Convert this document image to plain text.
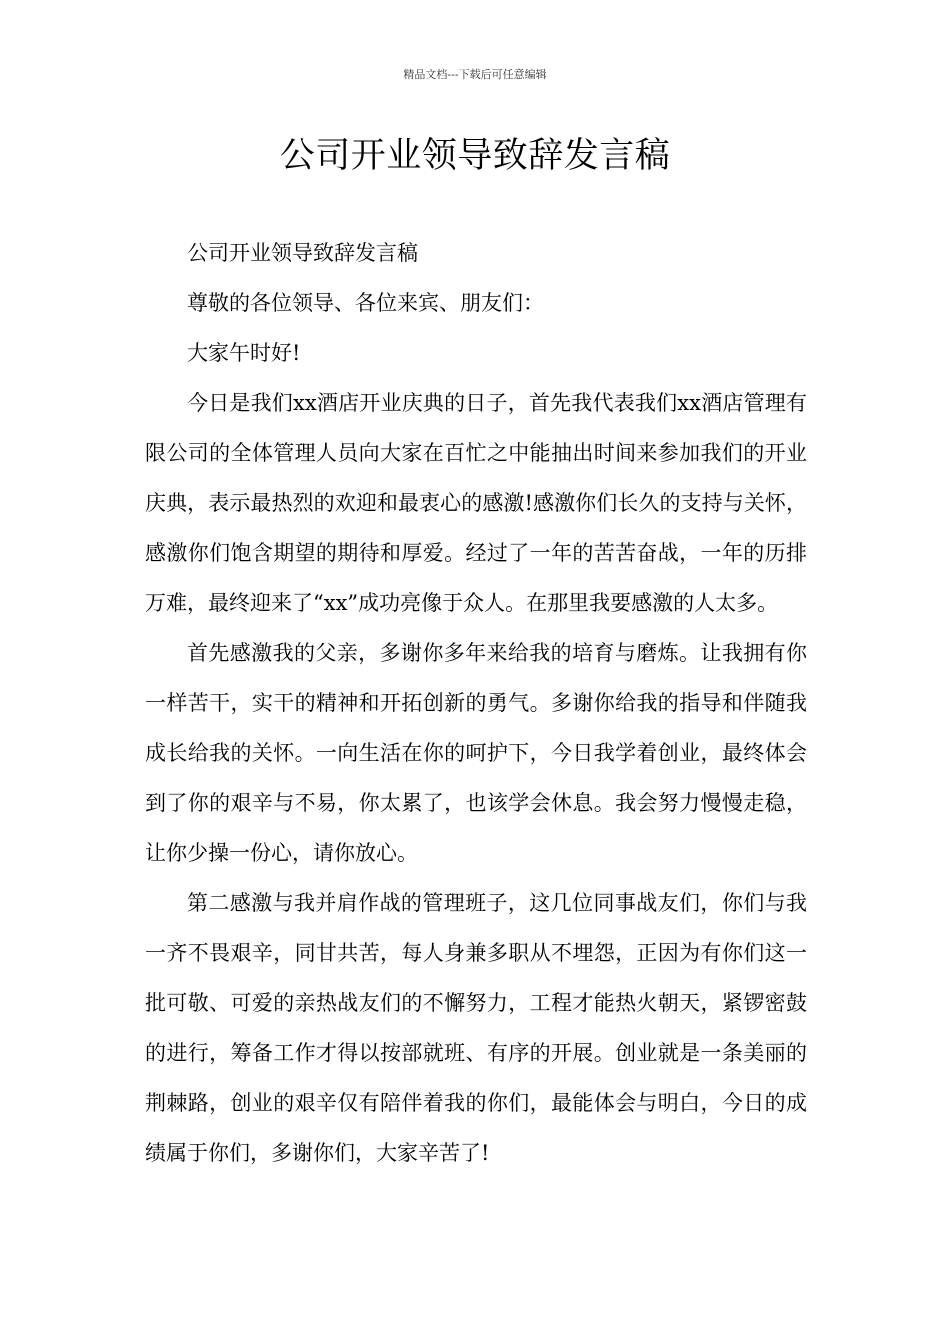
精品文档---下载后可任意编辑
公司开业领导致辞发言稿

公司开业领导致辞发言稿

尊敬的各位领导、各位来宾、朋友们：

大家午时好!

今日是我们xx酒店开业庆典的日子，首先我代表我们xx酒店管理有限公司的全体管理人员向大家在百忙之中能抽出时间来参加我们的开业庆典，表示最热烈的欢迎和最衷心的感激!感激你们长久的支持与关怀，感激你们饱含期望的期待和厚爱。经过了一年的苦苦奋战，一年的历排万难，最终迎来了“xx”成功亮像于众人。在那里我要感激的人太多。

首先感激我的父亲，多谢你多年来给我的培育与磨炼。让我拥有你一样苦干，实干的精神和开拓创新的勇气。多谢你给我的指导和伴随我成长给我的关怀。一向生活在你的呵护下，今日我学着创业，最终体会到了你的艰辛与不易，你太累了，也该学会休息。我会努力慢慢走稳，让你少操一份心，请你放心。

第二感激与我并肩作战的管理班子，这几位同事战友们，你们与我一齐不畏艰辛，同甘共苦，每人身兼多职从不埋怨，正因为有你们这一批可敬、可爱的亲热战友们的不懈努力，工程才能热火朝天，紧锣密鼓的进行，筹备工作才得以按部就班、有序的开展。创业就是一条美丽的荆棘路，创业的艰辛仅有陪伴着我的你们，最能体会与明白，今日的成绩属于你们，多谢你们，大家辛苦了!
